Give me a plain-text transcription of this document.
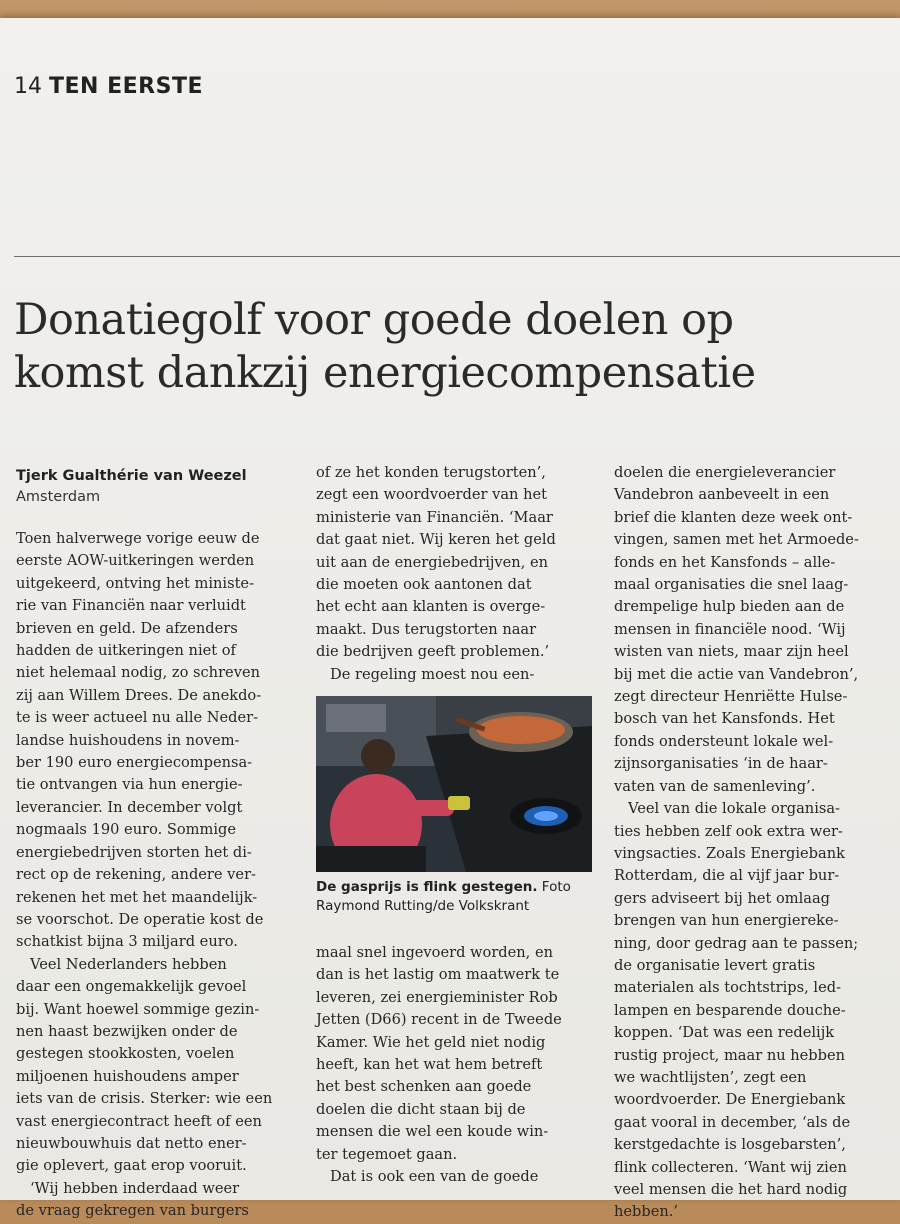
14 TEN EERSTE
Donatiegolf voor goede doelen op
komst dankzij energiecompensatie
Tjerk Gualthérie van Weezel
Amsterdam
Toen halverwege vorige eeuw de
eerste AOW-uitkeringen werden
uitgekeerd, ontving het ministe-
rie van Financiën naar verluidt
brieven en geld. De afzenders
hadden de uitkeringen niet of
niet helemaal nodig, zo schreven
zij aan Willem Drees. De anekdo-
te is weer actueel nu alle Neder-
landse huishoudens in novem-
ber 190 euro energiecompensa-
tie ontvangen via hun energie-
leverancier. In december volgt
nogmaals 190 euro. Sommige
energiebedrijven storten het di-
rect op de rekening, andere ver-
rekenen het met het maandelijk-
se voorschot. De operatie kost de
schatkist bijna 3 miljard euro.
Veel Nederlanders hebben
daar een ongemakkelijk gevoel
bij. Want hoewel sommige gezin-
nen haast bezwijken onder de
gestegen stookkosten, voelen
miljoenen huishoudens amper
iets van de crisis. Sterker: wie een
vast energiecontract heeft of een
nieuwbouwhuis dat netto ener-
gie oplevert, gaat erop vooruit.
‘Wij hebben inderdaad weer
de vraag gekregen van burgers
of ze het konden terugstorten’,
zegt een woordvoerder van het
ministerie van Financiën. ‘Maar
dat gaat niet. Wij keren het geld
uit aan de energiebedrijven, en
die moeten ook aantonen dat
het echt aan klanten is overge-
maakt. Dus terugstorten naar
die bedrijven geeft problemen.’
De regeling moest nou een-
De gasprijs is flink gestegen. Foto
Raymond Rutting/de Volkskrant
maal snel ingevoerd worden, en
dan is het lastig om maatwerk te
leveren, zei energieminister Rob
Jetten (D66) recent in de Tweede
Kamer. Wie het geld niet nodig
heeft, kan het wat hem betreft
het best schenken aan goede
doelen die dicht staan bij de
mensen die wel een koude win-
ter tegemoet gaan.
Dat is ook een van de goede
doelen die energieleverancier
Vandebron aanbeveelt in een
brief die klanten deze week ont-
vingen, samen met het Armoede-
fonds en het Kansfonds – alle-
maal organisaties die snel laag-
drempelige hulp bieden aan de
mensen in financiële nood. ‘Wij
wisten van niets, maar zijn heel
bij met die actie van Vandebron’,
zegt directeur Henriëtte Hulse-
bosch van het Kansfonds. Het
fonds ondersteunt lokale wel-
zijnsorganisaties ‘in de haar-
vaten van de samenleving’.
Veel van die lokale organisa-
ties hebben zelf ook extra wer-
vingsacties. Zoals Energiebank
Rotterdam, die al vijf jaar bur-
gers adviseert bij het omlaag
brengen van hun energiereke-
ning, door gedrag aan te passen;
de organisatie levert gratis
materialen als tochtstrips, led-
lampen en besparende douche-
koppen. ‘Dat was een redelijk
rustig project, maar nu hebben
we wachtlijsten’, zegt een
woordvoerder. De Energiebank
gaat vooral in december, ‘als de
kerstgedachte is losgebarsten’,
flink collecteren. ‘Want wij zien
veel mensen die het hard nodig
hebben.’
